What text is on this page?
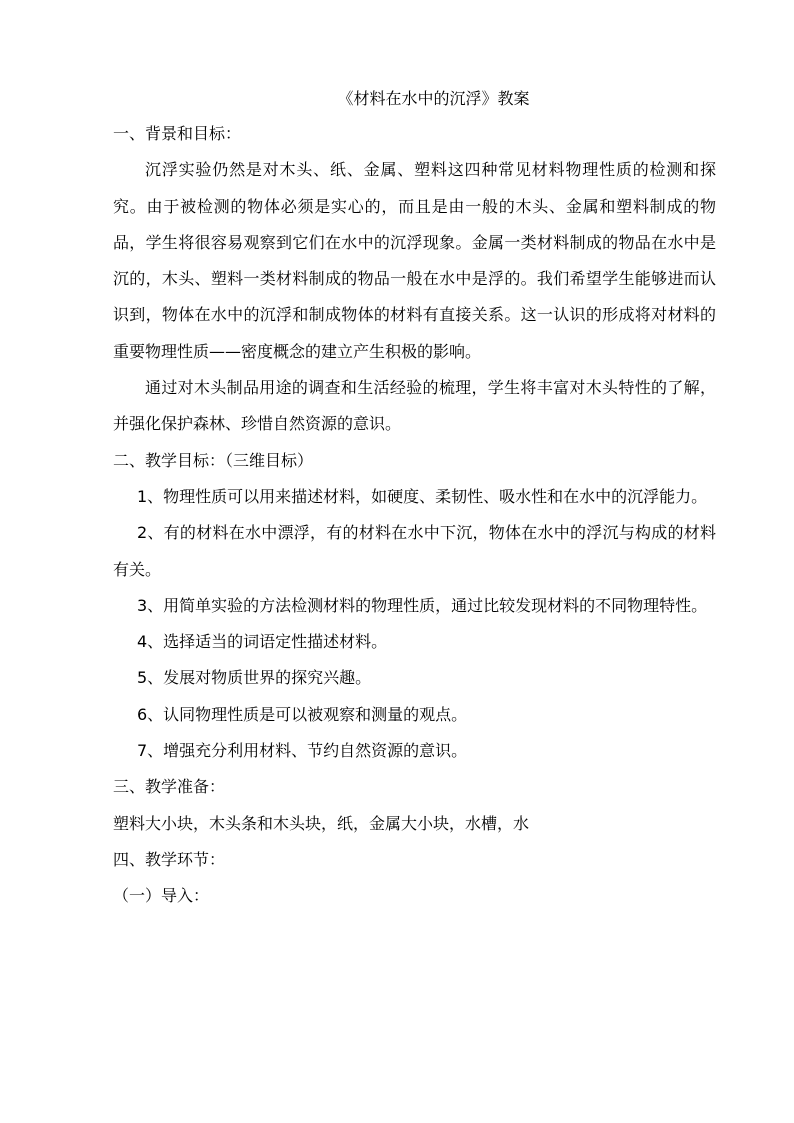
《材料在水中的沉浮》教案
一、背景和目标：

沉浮实验仍然是对木头、纸、金属、塑料这四种常见材料物理性质的检测和探究。由于被检测的物体必须是实心的，而且是由一般的木头、金属和塑料制成的物品，学生将很容易观察到它们在水中的沉浮现象。金属一类材料制成的物品在水中是沉的，木头、塑料一类材料制成的物品一般在水中是浮的。我们希望学生能够进而认识到，物体在水中的沉浮和制成物体的材料有直接关系。这一认识的形成将对材料的重要物理性质——密度概念的建立产生积极的影响。

通过对木头制品用途的调查和生活经验的梳理，学生将丰富对木头特性的了解，并强化保护森林、珍惜自然资源的意识。

二、教学目标：（三维目标）

1、物理性质可以用来描述材料，如硬度、柔韧性、吸水性和在水中的沉浮能力。

2、有的材料在水中漂浮，有的材料在水中下沉，物体在水中的浮沉与构成的材料有关。

3、用简单实验的方法检测材料的物理性质，通过比较发现材料的不同物理特性。

4、选择适当的词语定性描述材料。

5、发展对物质世界的探究兴趣。

6、认同物理性质是可以被观察和测量的观点。

7、增强充分利用材料、节约自然资源的意识。

三、教学准备：
塑料大小块，木头条和木头块，纸，金属大小块，水槽，水
四、教学环节：
（一）导入：
